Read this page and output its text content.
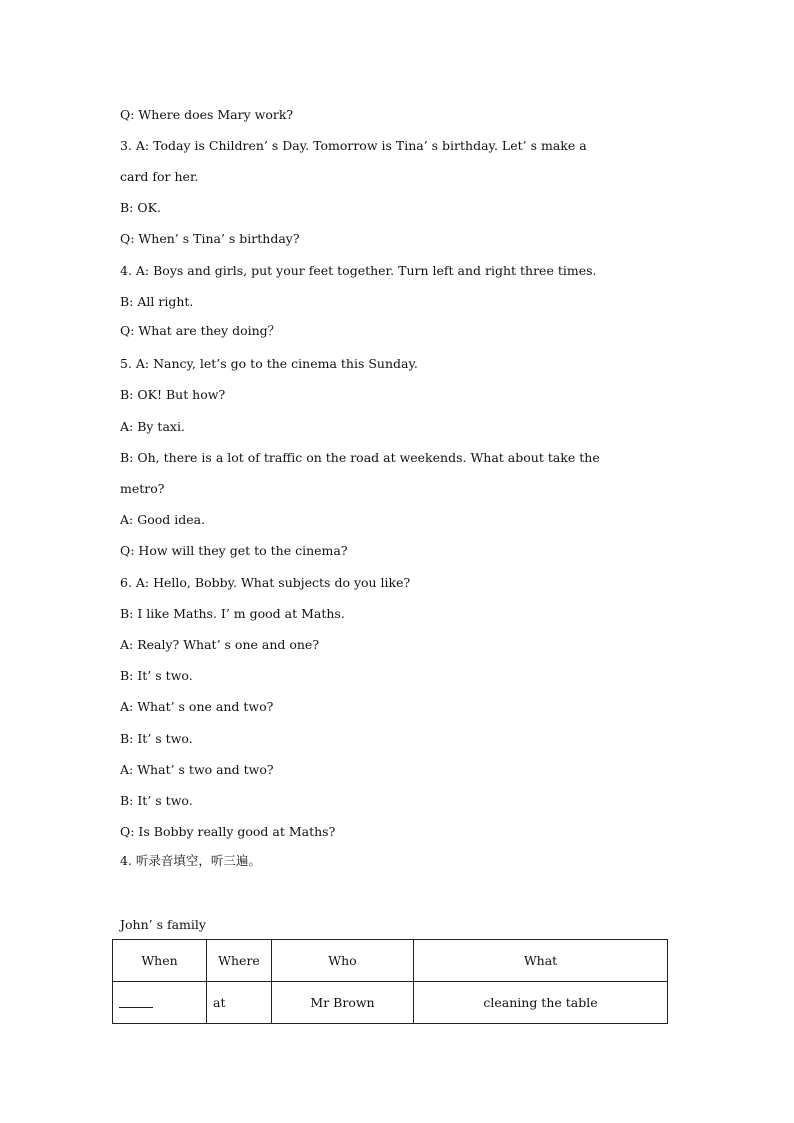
Q: Where does Mary work?
3. A: Today is Children’ s Day. Tomorrow is Tina’ s birthday. Let’ s make a
card for her.
B: OK.
Q: When’ s Tina’ s birthday?
4. A: Boys and girls, put your feet together. Turn left and right three times.
B: All right.
Q: What are they doing？
5. A: Nancy, let’s go to the cinema this Sunday.
B: OK! But how?
A: By taxi.
B: Oh, there is a lot of traffic on the road at weekends. What about take the
metro?
A: Good idea.
Q: How will they get to the cinema?
6. A: Hello, Bobby. What subjects do you like?
B: I like Maths. I’ m good at Maths.
A: Realy? What’ s one and one?
B: It’ s two.
A: What’ s one and two?
B: It’ s two.
A: What’ s two and two?
B: It’ s two.
Q: Is Bobby really good at Maths?
4. 听录音填空，听三遍。
John’ s family
When	Where	Who	What
	at	Mr Brown	cleaning the table
